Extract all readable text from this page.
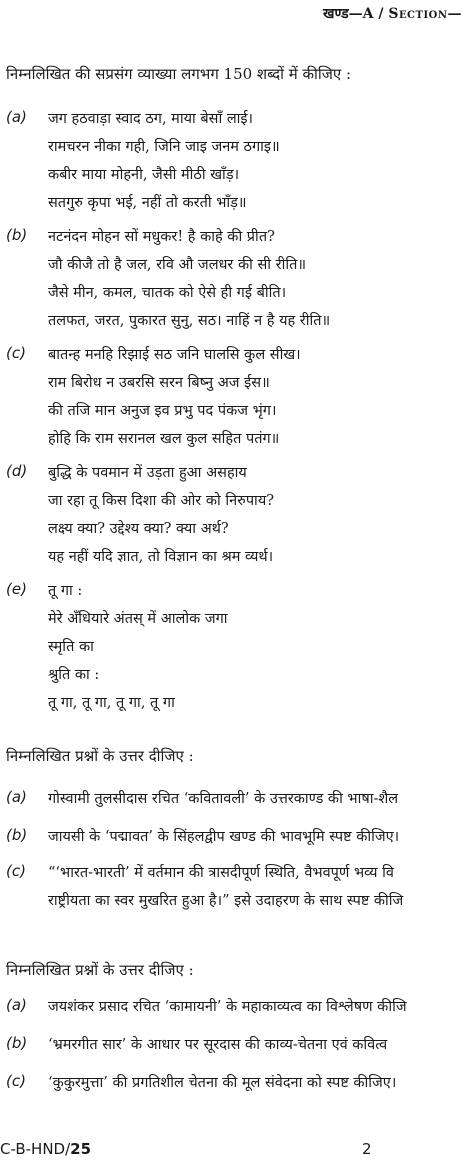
खण्ड—A / Section—
निम्नलिखित की सप्रसंग व्याख्या लगभग 150 शब्दों में कीजिए :
(a) जग हठवाड़ा स्वाद ठग, माया बेसाँ लाई।
रामचरन नीका गही, जिनि जाइ जनम ठगाइ॥
कबीर माया मोहनी, जैसी मीठी खाँड़।
सतगुरु कृपा भई, नहीं तो करती भाँड़॥
(b) नटनंदन मोहन सों मधुकर! है काहे की प्रीत?
जौ कीजै तो है जल, रवि औ जलधर की सी रीति॥
जैसे मीन, कमल, चातक को ऐसे ही गई बीति।
तलफत, जरत, पुकारत सुनु, सठ। नाहिं न है यह रीति॥
(c) बातन्ह मनहि रिझाई सठ जनि घालसि कुल सीख।
राम बिरोध न उबरसि सरन बिष्नु अज ईस॥
की तजि मान अनुज इव प्रभु पद पंकज भृंग।
होहि कि राम सरानल खल कुल सहित पतंग॥
(d) बुद्धि के पवमान में उड़ता हुआ असहाय
जा रहा तू किस दिशा की ओर को निरुपाय?
लक्ष्य क्या? उद्देश्य क्या? क्या अर्थ?
यह नहीं यदि ज्ञात, तो विज्ञान का श्रम व्यर्थ।
(e) तू गा :
मेरे अँधियारे अंतस् में आलोक जगा
स्मृति का
श्रुति का :
तू गा, तू गा, तू गा, तू गा
निम्नलिखित प्रश्नों के उत्तर दीजिए :
(a) गोस्वामी तुलसीदास रचित ‘कवितावली’ के उत्तरकाण्ड की भाषा-शैल
(b) जायसी के ‘पद्मावत’ के सिंहलद्वीप खण्ड की भावभूमि स्पष्ट कीजिए।
(c) “‘भारत-भारती’ में वर्तमान की त्रासदीपूर्ण स्थिति, वैभवपूर्ण भव्य वि
राष्ट्रीयता का स्वर मुखरित हुआ है।” इसे उदाहरण के साथ स्पष्ट कीजि
निम्नलिखित प्रश्नों के उत्तर दीजिए :
(a) जयशंकर प्रसाद रचित ‘कामायनी’ के महाकाव्यत्व का विश्लेषण कीजि
(b) ‘भ्रमरगीत सार’ के आधार पर सूरदास की काव्य-चेतना एवं कवित्व
(c) ‘कुकुरमुत्ता’ की प्रगतिशील चेतना की मूल संवेदना को स्पष्ट कीजिए।
C-B-HND/25	2
